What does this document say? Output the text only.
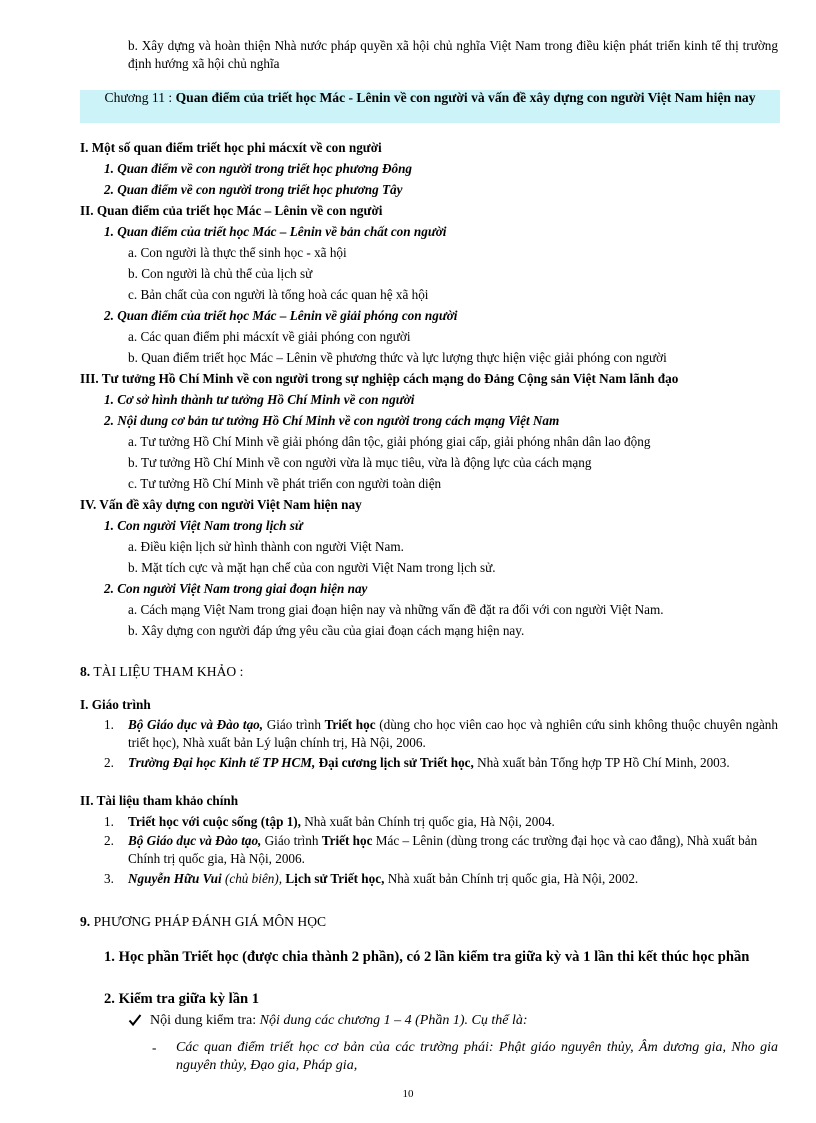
b. Xây dựng và hoàn thiện Nhà nước pháp quyền xã hội chủ nghĩa Việt Nam trong điều kiện phát triển kinh tế thị trường định hướng xã hội chủ nghĩa
Chương 11 : Quan điểm của triết học Mác - Lênin về con người và vấn đề xây dựng con người Việt Nam hiện nay
I. Một số quan điểm triết học phi mácxít về con người
1. Quan điểm về con người trong triết học phương Đông
2. Quan điểm về con người trong triết học phương Tây
II. Quan điểm của triết học Mác – Lênin về con người
1. Quan điểm của triết học Mác – Lênin về bản chất con người
a. Con người là thực thể sinh học - xã hội
b. Con người là chủ thể của lịch sử
c. Bản chất của con người là tổng hoà các quan hệ xã hội
2. Quan điểm của triết học Mác – Lênin về giải phóng con người
a. Các quan điểm phi mácxít về giải phóng con người
b. Quan điểm triết học Mác – Lênin về phương thức và lực lượng thực hiện việc giải phóng con người
III. Tư tưởng Hồ Chí Minh về con người trong sự nghiệp cách mạng do Đảng Cộng sản Việt Nam lãnh đạo
1. Cơ sở hình thành tư tưởng Hồ Chí Minh về con người
2. Nội dung cơ bản tư tưởng Hồ Chí Minh về con người trong cách mạng Việt Nam
a. Tư tưởng Hồ Chí Minh về giải phóng dân tộc, giải phóng giai cấp, giải phóng nhân dân lao động
b. Tư tưởng Hồ Chí Minh về con người vừa là mục tiêu, vừa là động lực của cách mạng
c. Tư tưởng Hồ Chí Minh về phát triển con người toàn diện
IV. Vấn đề xây dựng con người Việt Nam hiện nay
1. Con người Việt Nam trong lịch sử
a. Điều kiện lịch sử hình thành con người Việt Nam.
b. Mặt tích cực và mặt hạn chế của con người Việt Nam trong lịch sử.
2. Con người Việt Nam trong giai đoạn hiện nay
a. Cách mạng Việt Nam trong giai đoạn hiện nay và những vấn đề đặt ra đối với con người Việt Nam.
b. Xây dựng con người đáp ứng yêu cầu của giai đoạn cách mạng hiện nay.
8. TÀI LIỆU THAM KHẢO :
I. Giáo trình
1. Bộ Giáo dục và Đào tạo, Giáo trình Triết học (dùng cho học viên cao học và nghiên cứu sinh không thuộc chuyên ngành triết học), Nhà xuất bản Lý luận chính trị, Hà Nội, 2006.
2. Trường Đại học Kinh tế TP HCM, Đại cương lịch sử Triết học, Nhà xuất bản Tổng hợp TP Hồ Chí Minh, 2003.
II. Tài liệu tham khảo chính
1. Triết học với cuộc sống (tập 1), Nhà xuất bản Chính trị quốc gia, Hà Nội, 2004.
2. Bộ Giáo dục và Đào tạo, Giáo trình Triết học Mác – Lênin (dùng trong các trường đại học và cao đẳng), Nhà xuất bản Chính trị quốc gia, Hà Nội, 2006.
3. Nguyễn Hữu Vui (chủ biên), Lịch sử Triết học, Nhà xuất bản Chính trị quốc gia, Hà Nội, 2002.
9. PHƯƠNG PHÁP ĐÁNH GIÁ MÔN HỌC
1. Học phần Triết học (được chia thành 2 phần), có 2 lần kiểm tra giữa kỳ và 1 lần thi kết thúc học phần
2. Kiểm tra giữa kỳ lần 1
Nội dung kiểm tra: Nội dung các chương 1 – 4 (Phần 1). Cụ thể là:
- Các quan điểm triết học cơ bản của các trường phái: Phật giáo nguyên thủy, Âm dương gia, Nho gia nguyên thủy, Đạo gia, Pháp gia,
10
